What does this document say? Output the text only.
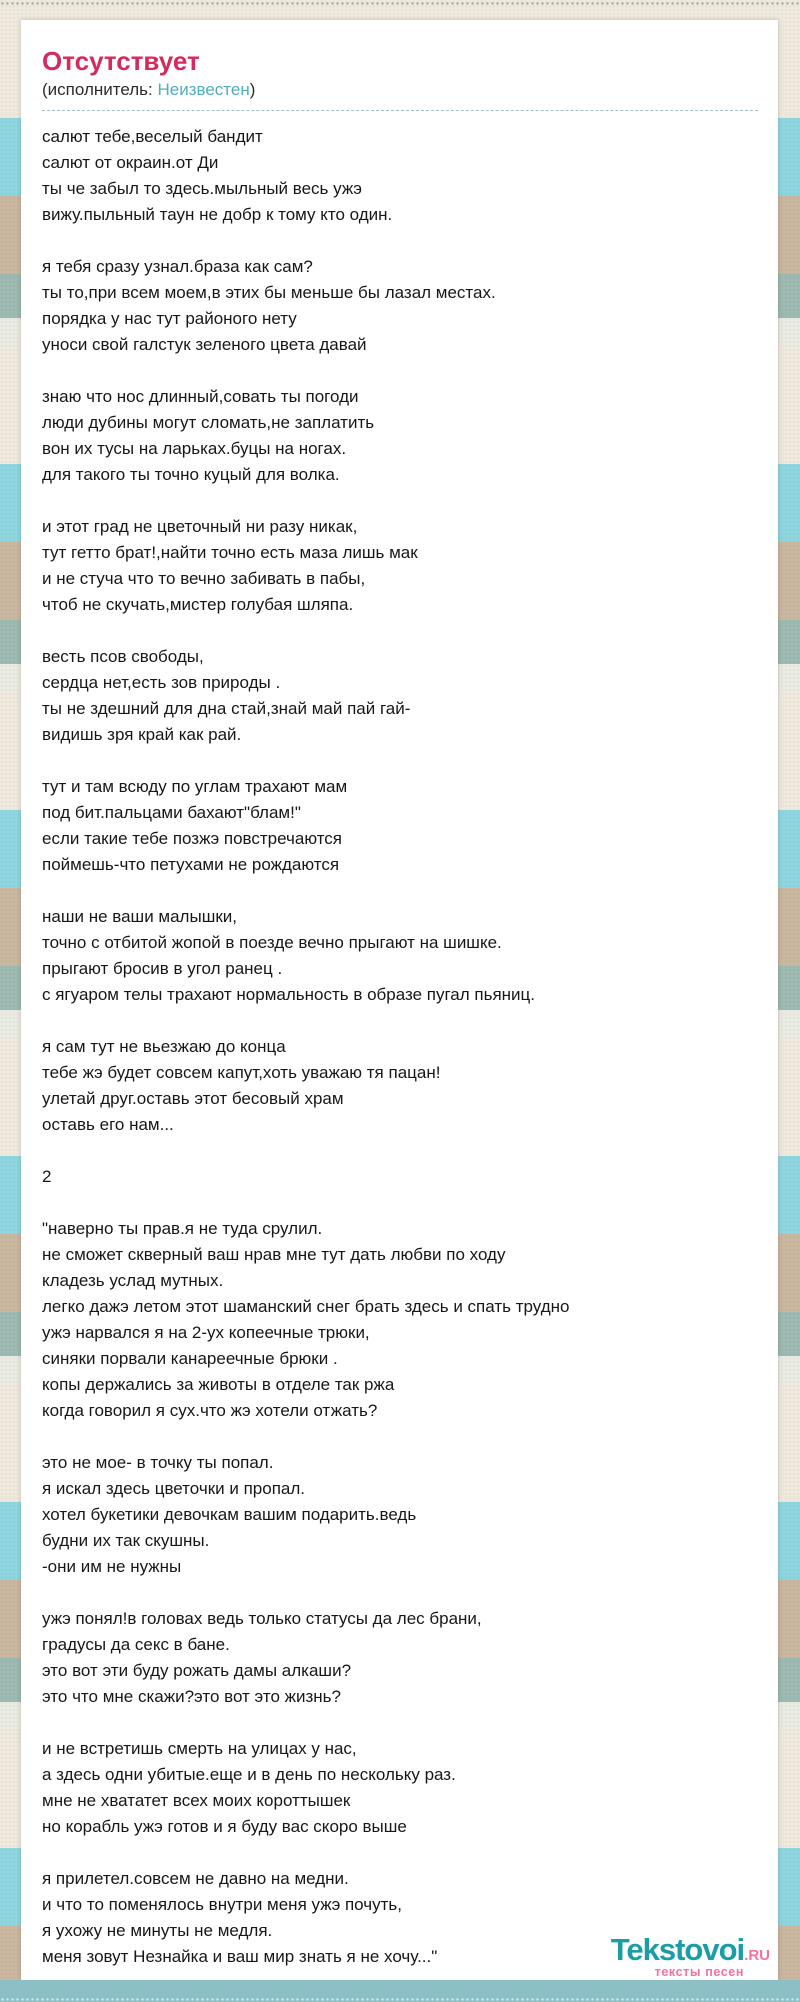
Отсутствует
(исполнитель: Неизвестен)
салют тебе,веселый бандит
салют от окраин.от Ди
ты че забыл то здесь.мыльный весь ужэ
вижу.пыльный таун не добр к тому кто один.
я тебя сразу узнал.браза как сам?
ты то,при всем моем,в этих бы меньше бы лазал местах.
порядка у нас тут районого нету
уноси свой галстук зеленого цвета давай
знаю что нос длинный,совать ты погоди
люди дубины могут сломать,не заплатить
вон их тусы на ларьках.буцы на ногах.
для такого ты точно куцый для волка.
и этот град не цветочный ни разу никак,
тут гетто брат!,найти точно есть маза лишь мак
и не стуча что то вечно забивать в пабы,
чтоб не скучать,мистер голубая шляпа.
весть псов свободы,
сердца нет,есть зов природы .
ты не здешний для дна стай,знай май пай гай-
видишь зря край как рай.
тут и там всюду по углам трахают мам
под бит.пальцами бахают"блам!"
если такие тебе позжэ повстречаются
поймешь-что петухами не рождаются
наши не ваши малышки,
точно с отбитой жопой в поезде вечно прыгают на шишке.
прыгают бросив в угол ранец .
с ягуаром телы трахают нормальность в образе пугал пьяниц.
я сам тут не вьезжаю до конца
тебе жэ будет совсем капут,хоть уважаю тя пацан!
улетай друг.оставь этот бесовый храм
оставь его нам...
2
"наверно ты прав.я не туда срулил.
не сможет скверный ваш нрав мне тут дать любви по ходу
кладезь услад мутных.
легко дажэ летом этот шаманский снег брать здесь и спать трудно
ужэ нарвался я на 2-ух копеечные трюки,
синяки порвали канареечные брюки .
копы держались за животы в отделе так ржа
когда говорил я сух.что жэ хотели отжать?
это не мое- в точку ты попал.
я искал здесь цветочки и пропал.
хотел букетики девочкам вашим подарить.ведь
будни их так скушны.
-они им не нужны
ужэ понял!в головах ведь только статусы да лес брани,
градусы да секс в бане.
это вот эти буду рожать дамы алкаши?
это что мне скажи?это вот это жизнь?
и не встретишь смерть на улицах у нас,
а здесь одни убитые.еще и в день по нескольку раз.
мне не хвататет всех моих короттышек
но корабль ужэ готов и я буду вас скоро выше
я прилетел.совсем не давно на медни.
и что то поменялось внутри меня ужэ почуть,
я ухожу не минуты не медля.
меня зовут Незнайка и ваш мир знать я не хочу..."	Tekstovoi.RU
тексты песен
